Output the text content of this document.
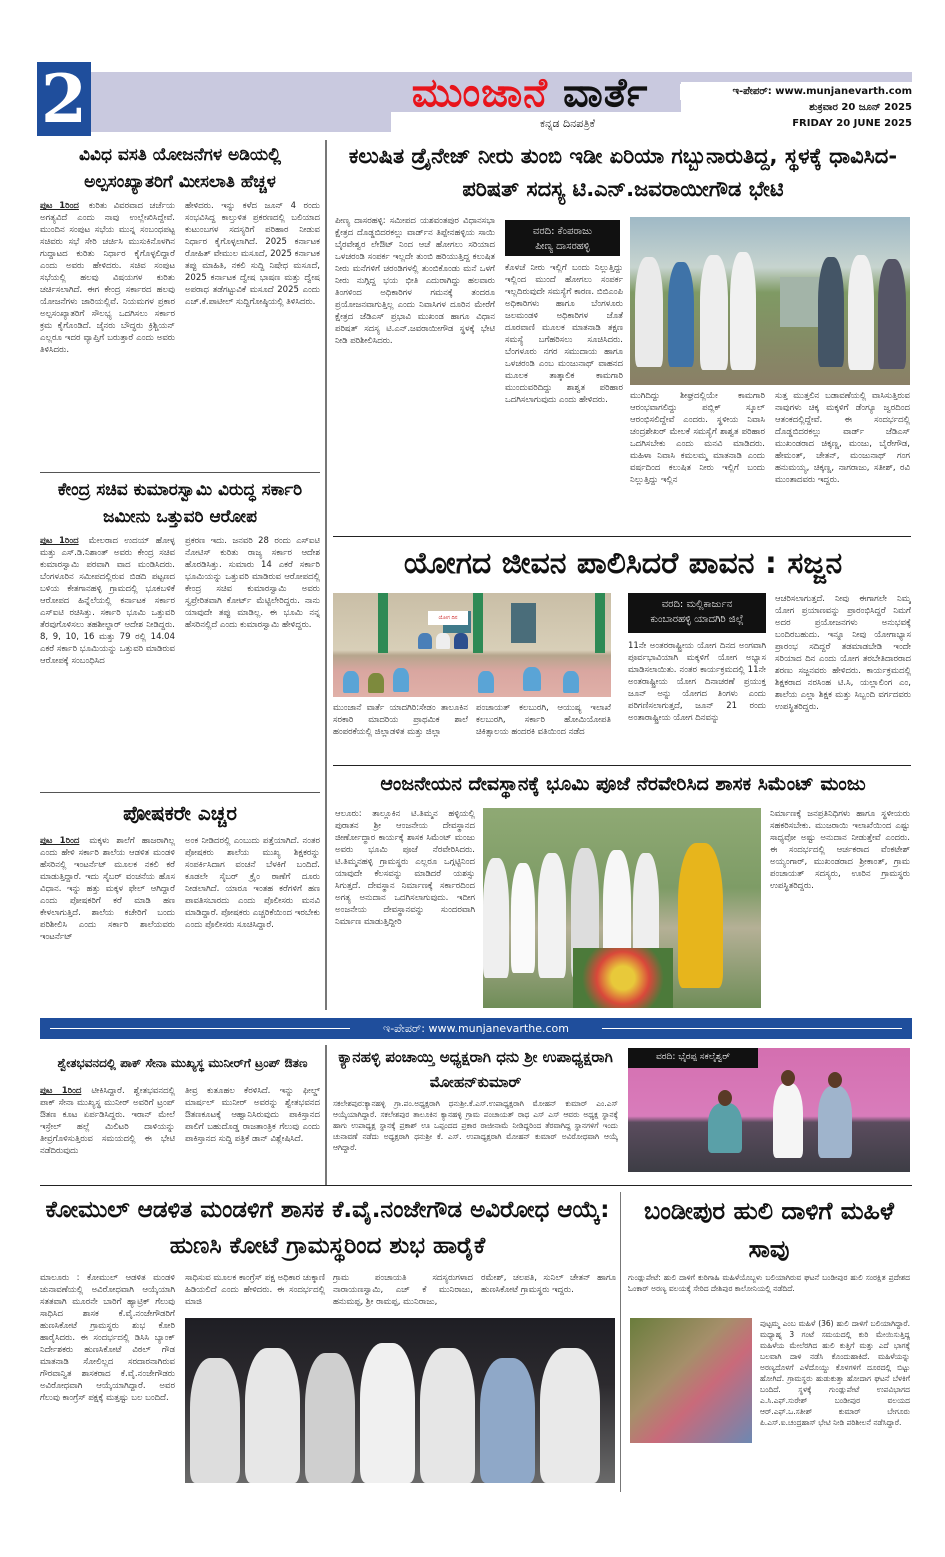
2	ಮುಂಜಾನೆ ವಾರ್ತೆ
ಕನ್ನಡ ದಿನಪತ್ರಿಕೆ
ಇ-ಪೇಪರ್: www.munjanevarth.com
ಶುಕ್ರವಾರ 20 ಜೂನ್ 2025
FRIDAY 20 JUNE 2025
ವಿವಿಧ ವಸತಿ ಯೋಜನೆಗಳ ಅಡಿಯಲ್ಲಿ ಅಲ್ಪಸಂಖ್ಯಾತರಿಗೆ ಮೀಸಲಾತಿ ಹೆಚ್ಚಳ
ಪುಟ 1ರಿಂದ ಕುರಿತು ವಿವರವಾದ ಚರ್ಚೆಯ ಅಗತ್ಯವಿದೆ ಎಂದು ನಾವು ಉಲ್ಲೇಖಿಸಿದ್ದೇವೆ. ಮುಂದಿನ ಸಂಪುಟ ಸಭೆಯ ಮುನ್ನ ಸಂಬಂಧಪಟ್ಟ ಸಚಿವರು ಸಭೆ ಸೇರಿ ಚರ್ಚಿಸಿ ಮುಸುಕಿನೊಳಗಿನ ಗುದ್ದಾಟದ ಕುರಿತು ನಿರ್ಧಾರ ಕೈಗೊಳ್ಳಲಿದ್ದಾರೆ ಎಂದು ಅವರು ಹೇಳಿದರು. ಸಚಿವ ಸಂಪುಟ ಸಭೆಯಲ್ಲಿ ಹಲವು ವಿಷಯಗಳ ಕುರಿತು ಚರ್ಚಿಸಲಾಗಿದೆ. ಈಗ ಕೇಂದ್ರ ಸರ್ಕಾರದ ಹಲವು ಯೋಜನೆಗಳು ಜಾರಿಯಲ್ಲಿವೆ. ನಿಯಮಗಳ ಪ್ರಕಾರ ಅಲ್ಪಸಂಖ್ಯಾತರಿಗೆ ಸೌಲಭ್ಯ ಒದಗಿಸಲು ಸರ್ಕಾರ ಕ್ರಮ ಕೈಗೊಂಡಿದೆ. ಜೈನರು ಬೌದ್ಧರು ಕ್ರಿಶ್ಚಿಯನ್ ಎಲ್ಲರೂ ಇದರ ವ್ಯಾಪ್ತಿಗೆ ಬರುತ್ತಾರೆ ಎಂದು ಅವರು ತಿಳಿಸಿದರು.
ಹೇಳಿದರು. ಇನ್ನು ಕಳೆದ ಜೂನ್ 4 ರಂದು ಸಂಭವಿಸಿದ್ದ ಕಾಲ್ತುಳಿತ ಪ್ರಕರಣದಲ್ಲಿ ಬಲಿಯಾದ ಕುಟುಂಬಗಳ ಸದಸ್ಯರಿಗೆ ಪರಿಹಾರ ನೀಡುವ ನಿರ್ಧಾರ ಕೈಗೊಳ್ಳಲಾಗಿದೆ. 2025 ಕರ್ನಾಟಕ ರೋಹಿತ್ ವೇಮುಲ ಮಸೂದೆ, 2025 ಕರ್ನಾಟಕ ತಪ್ಪು ಮಾಹಿತಿ, ನಕಲಿ ಸುದ್ದಿ ನಿಷೇಧ ಮಸೂದೆ, 2025 ಕರ್ನಾಟಕ ದ್ವೇಷ ಭಾಷಣ ಮತ್ತು ದ್ವೇಷ ಅಪರಾಧ ತಡೆಗಟ್ಟುವಿಕೆ ಮಸೂದೆ 2025 ಎಂದು ಎಚ್.ಕೆ.ಪಾಟೀಲ್ ಸುದ್ದಿಗೋಷ್ಠಿಯಲ್ಲಿ ತಿಳಿಸಿದರು.
ಕೇಂದ್ರ ಸಚಿವ ಕುಮಾರಸ್ವಾಮಿ ವಿರುದ್ಧ ಸರ್ಕಾರಿ ಜಮೀನು ಒತ್ತುವರಿ ಆರೋಪ
ಪುಟ 1ರಿಂದ ಮೇಲರಾದ ಉದಯ್ ಹೋಳ್ಳ ಮತ್ತು ಎಸ್.ಡಿ.ನಿಶಾಂತ್ ಅವರು ಕೇಂದ್ರ ಸಚಿವ ಕುಮಾರಸ್ವಾಮಿ ಪರವಾಗಿ ವಾದ ಮಂಡಿಸಿದರು. ಬೆಂಗಳೂರಿನ ಸಮೀಪದಲ್ಲಿರುವ ಬಿಡದಿ ಪಟ್ಟಣದ ಬಳಿಯ ಕೇತಗಾನಹಳ್ಳಿ ಗ್ರಾಮದಲ್ಲಿ ಭೂಕಬಳಿಕೆ ಆರೋಪದ ಹಿನ್ನೆಲೆಯಲ್ಲಿ ಕರ್ನಾಟಕ ಸರ್ಕಾರ ಎಸ್‌ಐಟಿ ರಚಿಸಿತ್ತು. ಸರ್ಕಾರಿ ಭೂಮಿ ಒತ್ತುವರಿ ತೆರವುಗೊಳಿಸಲು ತಹಶೀಲ್ದಾರ್ ಆದೇಶ ನೀಡಿದ್ದರು. 8, 9, 10, 16 ಮತ್ತು 79 ರಲ್ಲಿ 14.04 ಎಕರೆ ಸರ್ಕಾರಿ ಭೂಮಿಯನ್ನು ಒತ್ತುವರಿ ಮಾಡಿರುವ ಆರೋಪಕ್ಕೆ ಸಂಬಂಧಿಸಿದ
ಪ್ರಕರಣ ಇದು. ಜನವರಿ 28 ರಂದು ಎಸ್‌ಐಟಿ ನೋಟಿಸ್ ಕುರಿತು ರಾಜ್ಯ ಸರ್ಕಾರ ಆದೇಶ ಹೊರಡಿಸಿತ್ತು. ಸುಮಾರು 14 ಎಕರೆ ಸರ್ಕಾರಿ ಭೂಮಿಯನ್ನು ಒತ್ತುವರಿ ಮಾಡಿರುವ ಆರೋಪದಲ್ಲಿ ಕೇಂದ್ರ ಸಚಿವ ಕುಮಾರಸ್ವಾಮಿ ಅವರು ಸ್ವಪ್ರೇರಿತವಾಗಿ ಕೋರ್ಟ್ ಮೆಟ್ಟಿಲೇರಿದ್ದರು. ನಾನು ಯಾವುದೇ ತಪ್ಪು ಮಾಡಿಲ್ಲ. ಈ ಭೂಮಿ ನನ್ನ ಹೆಸರಿನಲ್ಲಿದೆ ಎಂದು ಕುಮಾರಸ್ವಾಮಿ ಹೇಳಿದ್ದರು.
ಪೋಷಕರೇ ಎಚ್ಚರ
ಪುಟ 1ರಿಂದ ಮಕ್ಕಳು ಶಾಲೆಗೆ ಹಾಜರಾಗಿಲ್ಲ ಎಂದು ಹೇಳಿ ಸರ್ಕಾರಿ ಶಾಲೆಯ ಆಡಳಿತ ಮಂಡಳಿ ಹೆಸರಿನಲ್ಲಿ ಇಂಟರ್ನೆಟ್ ಮೂಲಕ ನಕಲಿ ಕರೆ ಮಾಡುತ್ತಿದ್ದಾರೆ. ಇದು ಸೈಬರ್ ವಂಚನೆಯ ಹೊಸ ವಿಧಾನ. ಇನ್ನು ಹತ್ತು ಮಕ್ಕಳ ಫೇಲ್ ಆಗಿದ್ದಾರೆ ಎಂದು ಪೋಷಕರಿಗೆ ಕರೆ ಮಾಡಿ ಹಣ ಕೇಳಲಾಗುತ್ತಿದೆ. ಶಾಲೆಯ ಕಚೇರಿಗೆ ಬಂದು ಪರಿಶೀಲಿಸಿ ಎಂದು ಸರ್ಕಾರಿ ಶಾಲೆಯವರು ಇಂಟರ್ನೆಟ್
ಅಂಕ ನೀಡಿದರಲ್ಲಿ ಎಂಬುದು ಪತ್ತೆಯಾಗಿದೆ. ನಂತರ ಪೋಷಕರು ಶಾಲೆಯ ಮುಖ್ಯ ಶಿಕ್ಷಕರನ್ನು ಸಂಪರ್ಕಿಸಿದಾಗ ವಂಚನೆ ಬೆಳಕಿಗೆ ಬಂದಿದೆ. ಕೂಡಲೇ ಸೈಬರ್ ಕ್ರೈಂ ಠಾಣೆಗೆ ದೂರು ನೀಡಲಾಗಿದೆ. ಯಾರೂ ಇಂತಹ ಕರೆಗಳಿಗೆ ಹಣ ಪಾವತಿಸಬಾರದು ಎಂದು ಪೊಲೀಸರು ಮನವಿ ಮಾಡಿದ್ದಾರೆ. ಪೋಷಕರು ಎಚ್ಚರಿಕೆಯಿಂದ ಇರಬೇಕು ಎಂದು ಪೊಲೀಸರು ಸೂಚಿಸಿದ್ದಾರೆ.
ಕಲುಷಿತ ಡ್ರೈನೇಜ್ ನೀರು ತುಂಬಿ ಇಡೀ ಏರಿಯಾ ಗಬ್ಬುನಾರುತಿದ್ದ, ಸ್ಥಳಕ್ಕೆ ಧಾವಿಸಿದ-ಪರಿಷತ್ ಸದಸ್ಯ ಟಿ.ಎನ್.ಜವರಾಯೀಗೌಡ ಭೇಟಿ
ಪೀಣ್ಯ ದಾಸರಹಳ್ಳಿ: ಸಮೀಪದ ಯಶವಂತಪುರ ವಿಧಾನಸಭಾ ಕ್ಷೇತ್ರದ ದೊಡ್ಡಬಿದರಕಲ್ಲು ವಾರ್ಡ್‌ನ ತಿಪ್ಪೇನಹಳ್ಳಿಯ ಸಾಯಿ ಬೈರವೇಶ್ವರ ಲೇಔಟ್ ನಿಂದ ಆಚೆ ಹೋಗಲು ಸರಿಯಾದ ಒಳಚರಂಡಿ ಸಂಪರ್ಕ ಇಲ್ಲದೇ ತುಂಬಿ ಹರಿಯುತ್ತಿದ್ದ ಕಲುಷಿತ ನೀರು ಮನೆಗಳಿಗೆ ಚರಂಡಿಗಳಲ್ಲಿ ತುಂಬಿಕೊಂಡು ಮನೆ ಒಳಗೆ ನೀರು ನುಗ್ಗಿದ್ದ ಭಯ ಭೀತಿ ಎದುರಾಗಿದ್ದು ಹಲವಾರು ತಿಂಗಳಿಂದ ಅಧಿಕಾರಿಗಳ ಗಮನಕ್ಕೆ ತಂದರೂ ಪ್ರಯೋಜನವಾಗುತ್ತಿಲ್ಲ ಎಂದು ನಿವಾಸಿಗಳ ದೂರಿನ ಮೇರೆಗೆ ಕ್ಷೇತ್ರದ ಜೆಡಿಎಸ್ ಪ್ರಭಾವಿ ಮುಖಂಡ ಹಾಗೂ ವಿಧಾನ ಪರಿಷತ್ ಸದಸ್ಯ ಟಿ.ಎನ್.ಜವರಾಯೀಗೌಡ ಸ್ಥಳಕ್ಕೆ ಭೇಟಿ ನೀಡಿ ಪರಿಶೀಲಿಸಿದರು.
ವರದಿ: ಕೆಂಪರಾಜು
ಪೀಣ್ಯ ದಾಸರಹಳ್ಳಿ
ಕೊಳಚೆ ನೀರು ಇಲ್ಲಿಗೆ ಬಂದು ನಿಲ್ಲುತ್ತಿದ್ದು ಇಲ್ಲಿಂದ ಮುಂದೆ ಹೋಗಲು ಸಂಪರ್ಕ ಇಲ್ಲದಿರುವುದೇ ಸಮಸ್ಯೆಗೆ ಕಾರಣ. ಬಿಬಿಎಂಪಿ ಅಧಿಕಾರಿಗಳು ಹಾಗೂ ಬೆಂಗಳೂರು ಜಲಮಂಡಳಿ ಅಧಿಕಾರಿಗಳ ಜೊತೆ ದೂರವಾಣಿ ಮೂಲಕ ಮಾತನಾಡಿ ತಕ್ಷಣ ಸಮಸ್ಯೆ ಬಗೆಹರಿಸಲು ಸೂಚಿಸಿದರು. ಬೆಂಗಳೂರು ನಗರ ಸಮುದಾಯ ಹಾಗೂ ಒಳಚರಂಡಿ ಎಂಬ ಮಂಜುನಾಥ್ ವಾಹನದ ಮೂಲಕ ತಾತ್ಕಾಲಿಕ ಕಾಮಗಾರಿ ಮುಂದುವರಿದಿದ್ದು ಶಾಶ್ವತ ಪರಿಹಾರ ಒದಗಿಸಲಾಗುವುದು ಎಂದು ಹೇಳಿದರು.	ಮುಗಿದಿದ್ದು ಶೀಘ್ರದಲ್ಲಿಯೇ ಕಾಮಗಾರಿ ಆರಂಭವಾಗಲಿದ್ದು ಪಬ್ಲಿಕ್ ಸ್ಕೂಲ್ ಆರಂಭಿಸಲಿದ್ದೇವೆ ಎಂದರು. ಸ್ಥಳೀಯ ನಿವಾಸಿ ಚಂದ್ರಶೇಖರ್ ಮೇಲಕೆ ಸಮಸ್ಯೆಗೆ ಶಾಶ್ವತ ಪರಿಹಾರ ಒದಗಿಸಬೇಕು ಎಂದು ಮನವಿ ಮಾಡಿದರು. ಮಹಿಳಾ ನಿವಾಸಿ ಕಮಲಮ್ಮ ಮಾತನಾಡಿ ಎಂದು ವರ್ಷದಿಂದ ಕಲುಷಿತ ನೀರು ಇಲ್ಲಿಗೆ ಬಂದು ನಿಲ್ಲುತ್ತಿದ್ದು ಇಲ್ಲಿನ
ಸುತ್ತ ಮುತ್ತಲಿನ ಬಡಾವಣೆಯಲ್ಲಿ ವಾಸಿಸುತ್ತಿರುವ ನಾವುಗಳು ಚಿಕ್ಕ ಮಕ್ಕಳಿಗೆ ಡೆಂಗ್ಯೂ ಜ್ವರದಿಂದ ಆತಂಕದಲ್ಲಿದ್ದೇವೆ. ಈ ಸಂದರ್ಭದಲ್ಲಿ ದೊಡ್ಡಬಿದರಕಲ್ಲು ವಾರ್ಡ್ ಜೆಡಿಎಸ್ ಮುಖಂಡರಾದ ಚಿಕ್ಕಣ್ಣ, ಮಂಜು, ಬೈರೇಗೌಡ, ಹೇಮಂತ್, ಚೇತನ್, ಮಂಜುನಾಥ್ ಗಂಗ ಹನುಮಯ್ಯ, ಚಿಕ್ಕಣ್ಣ, ನಾಗರಾಜು, ಸತೀಶ್, ರವಿ ಮುಂತಾದವರು ಇದ್ದರು.
ಯೋಗದ ಜೀವನ ಪಾಲಿಸಿದರೆ ಪಾವನ : ಸಜ್ಜನ
ಯೋಗ ದಿನ
ಮುಂಜಾನೆ ವಾರ್ತೆ ಯಾದಗಿರಿ:ಸೇಡಂ ತಾಲೂಕಿನ ಸರಕಾರಿ ಮಾದರಿಯ ಪ್ರಾಥಮಿಕ ಶಾಲೆ ಹಂಪರಕೆಯಲ್ಲಿ ಜಿಲ್ಲಾಡಳಿತ ಮತ್ತು ಜಿಲ್ಲಾ
ಪಂಚಾಯತ್ ಕಲಬುರಗಿ, ಆಯುಷ್ಯ ಇಲಾಖೆ ಕಲಬುರಗಿ, ಸರ್ಕಾರಿ ಹೋಮಿಯೋಪತಿ ಚಿಕಿತ್ಸಾಲಯ ಹಂದರಕಿ ವತಿಯಿಂದ ನಡೆದ
ವರದಿ: ಮಲ್ಲಿಕಾರ್ಜುನ
ಕುಂಬಾರಹಳ್ಳಿ ಯಾದಗಿರಿ ಜಿಲ್ಲೆ
11ನೇ ಅಂತರರಾಷ್ಟ್ರೀಯ ಯೋಗ ದಿನದ ಅಂಗವಾಗಿ ಪೂರ್ವಭಾವಿಯಾಗಿ ಮಕ್ಕಳಿಗೆ ಯೋಗ ಅಭ್ಯಾಸ ಮಾಡಿಸಲಾಯಿತು. ನಂತರ ಕಾರ್ಯಕ್ರಮದಲ್ಲಿ 11ನೇ ಅಂತರಾಷ್ಟ್ರೀಯ ಯೋಗ ದಿನಾಚರಣೆ ಪ್ರಯುಕ್ತ ಜೂನ್ ಅನ್ನು ಯೋಗದ ತಿಂಗಳು ಎಂದು ಪರಿಗಣಿಸಲಾಗುತ್ತದೆ, ಜೂನ್ 21 ರಂದು ಅಂತಾರಾಷ್ಟ್ರೀಯ ಯೋಗ ದಿನವನ್ನು
ಆಚರಿಸಲಾಗುತ್ತದೆ. ನೀವು ಈಗಾಗಲೇ ನಿಮ್ಮ ಯೋಗ ಪ್ರಯಾಣವನ್ನು ಪ್ರಾರಂಭಿಸಿದ್ದರೆ ನಿಮಗೆ ಅದರ ಪ್ರಯೋಜನಗಳು ಅನುಭವಕ್ಕೆ ಬಂದಿರಬಹುದು. ಇನ್ನೂ ನೀವು ಯೋಗಾಭ್ಯಾಸ ಪ್ರಾರಂಭ ಸದಿದ್ದರೆ ತಡಮಾಡಬೇಡಿ ಇಂದೇ ಸರಿಯಾದ ದಿನ ಎಂದು ಯೋಗ ತರಬೇತಿದಾರರಾದ ಶರಣು ಸಜ್ಜನವರು ಹೇಳಿದರು. ಕಾರ್ಯಕ್ರಮದಲ್ಲಿ ಶಿಕ್ಷಕರಾದ ನರಸಿಂಹ ಟಿ.ಸಿ, ಯಲ್ಲಾಲಿಂಗ ಎಂ, ಶಾಲೆಯ ಎಲ್ಲಾ ಶಿಕ್ಷಕ ಮತ್ತು ಸಿಬ್ಬಂದಿ ವರ್ಗದವರು ಉಪಸ್ಥಿತರಿದ್ದರು.
ಆಂಜನೇಯನ ದೇವಸ್ಥಾನಕ್ಕೆ ಭೂಮಿ ಪೂಜೆ ನೆರವೇರಿಸಿದ ಶಾಸಕ ಸಿಮೆಂಟ್ ಮಂಜು
ಆಲೂರು: ತಾಲ್ಲೂಕಿನ ಟಿ.ತಿಮ್ಮನ ಹಳ್ಳಿಯಲ್ಲಿ ಪುರಾತನ ಶ್ರೀ ಆಂಜನೇಯ ದೇವಸ್ಥಾನದ ಜೀರ್ಣೋದ್ಧಾರ ಕಾರ್ಯಕ್ಕೆ ಶಾಸಕ ಸಿಮೆಂಟ್ ಮಂಜು ಅವರು ಭೂಮಿ ಪೂಜೆ ನೆರವೇರಿಸಿದರು. ಟಿ.ತಿಮ್ಮನಹಳ್ಳಿ ಗ್ರಾಮಸ್ಥರು ಎಲ್ಲರೂ ಒಗ್ಗಟ್ಟಿನಿಂದ ಯಾವುದೇ ಕೆಲಸವನ್ನು ಮಾಡಿದರೆ ಯಶಸ್ಸು ಸಿಗುತ್ತದೆ. ದೇವಸ್ಥಾನ ನಿರ್ಮಾಣಕ್ಕೆ ಸರ್ಕಾರದಿಂದ ಅಗತ್ಯ ಅನುದಾನ ಒದಗಿಸಲಾಗುವುದು. ಇದೀಗ ಅಂಜನೇಯ ದೇವಸ್ಥಾನವನ್ನು ಸುಂದರವಾಗಿ ನಿರ್ಮಾಣ ಮಾಡುತ್ತಿದ್ದೀರಿ
ನಿರ್ಮಾಣಕ್ಕೆ ಜನಪ್ರತಿನಿಧಿಗಳು ಹಾಗೂ ಸ್ಥಳೀಯರು ಸಹಕರಿಸಬೇಕು. ಮುಜರಾಯಿ ಇಲಾಖೆಯಿಂದ ಎಷ್ಟು ಸಾಧ್ಯವೋ ಅಷ್ಟು ಅನುದಾನ ನೀಡುತ್ತೇವೆ ಎಂದರು. ಈ ಸಂದರ್ಭದಲ್ಲಿ ಆರ್ಚಕರಾದ ವೆಂಕಟೇಶ್ ಅಯ್ಯಂಗಾರ್, ಮುಖಂಡರಾದ ಶ್ರೀಕಾಂತ್, ಗ್ರಾಮ ಪಂಚಾಯತ್ ಸದಸ್ಯರು, ಊರಿನ ಗ್ರಾಮಸ್ಥರು ಉಪಸ್ಥಿತರಿದ್ದರು.
ಇ-ಪೇಪರ್: www.munjanevarthe.com
ಶ್ವೇತಭವನದಲ್ಲಿ ಪಾಕ್ ಸೇನಾ ಮುಖ್ಯಸ್ಥ ಮುನೀರ್‌ಗೆ ಟ್ರಂಪ್ ಔತಣ
ಪುಟ 1ರಿಂದ ಟೀಕಿಸಿದ್ದಾರೆ. ಶ್ವೇತಭವನದಲ್ಲಿ ಪಾಕ್ ಸೇನಾ ಮುಖ್ಯಸ್ಥ ಮುನೀರ್ ಅವರಿಗೆ ಟ್ರಂಪ್ ಔತಣ ಕೂಟ ಏರ್ಪಡಿಸಿದ್ದರು. ಇರಾನ್ ಮೇಲೆ ಇಸ್ರೇಲ್ ಹಲ್ಲೆ ಮಿಲಿಟರಿ ದಾಳಿಯನ್ನು ತೀವ್ರಗೊಳಿಸುತ್ತಿರುವ ಸಮಯದಲ್ಲಿ ಈ ಭೇಟಿ ನಡೆದಿರುವುದು
ತೀವ್ರ ಕುತೂಹಲ ಕೆರಳಿಸಿದೆ. ಇನ್ನು ಫೀಲ್ಡ್ ಮಾರ್ಷಲ್ ಮುನೀರ್ ಅವರನ್ನು ಶ್ವೇತಭವನದ ಔತಣಕೂಟಕ್ಕೆ ಆಹ್ವಾನಿಸಿರುವುದು ಪಾಕಿಸ್ತಾನದ ಪಾಲಿಗೆ ಬಹುದೊಡ್ಡ ರಾಜತಾಂತ್ರಿಕ ಗೆಲುವು ಎಂದು ಪಾಕಿಸ್ತಾನದ ಸುದ್ದಿ ಪತ್ರಿಕೆ ಡಾನ್ ವಿಶ್ಲೇಷಿಸಿದೆ.
ಕ್ಯಾನಹಳ್ಳಿ ಪಂಚಾಯ್ತಿ ಅಧ್ಯಕ್ಷರಾಗಿ ಧನು ಶ್ರೀ ಉಪಾಧ್ಯಕ್ಷರಾಗಿ ಮೋಹನ್‌ಕುಮಾರ್
ಸಕಲೇಶಪುರ:ಕ್ಯಾನಹಳ್ಳಿ ಗ್ರಾ.ಪಂ.ಅಧ್ಯಕ್ಷರಾಗಿ ಧನುಶ್ರೀ.ಕೆ.ಎಸ್.ಉಪಾಧ್ಯಕ್ಷರಾಗಿ ಮೋಹನ್ ಕುಮಾರ್ ಎಂ.ಎಸ್ ಆಯ್ಕೆಯಾಗಿದ್ದಾರೆ. ಸಕಲೇಶಪುರ ತಾಲೂಕಿನ ಕ್ಯಾನಹಳ್ಳಿ ಗ್ರಾಮ ಪಂಚಾಯತ್ ರಾಧ ಎಸ್ ಎಸ್ ಆವರು ಅಧ್ಯಕ್ಷ ಸ್ಥಾನಕ್ಕೆ ಹಾಗು ಉಪಾಧ್ಯಕ್ಷ ಸ್ಥಾನಕ್ಕೆ ಪ್ರಕಾಶ್ ಊ ಒಪ್ಪಂದದ ಪ್ರಕಾರ ರಾಜೀನಾಮೆ ನೀಡಿದ್ದರಿಂದ ತೆರವಾಗಿದ್ದ ಸ್ಥಾನಗಳಿಗೆ ಇಂದು ಚುನಾವಣೆ ನಡೆದು ಅಧ್ಯಕ್ಷರಾಗಿ ಧನುಶ್ರೀ ಕೆ. ಎಸ್. ಉಪಾಧ್ಯಕ್ಷರಾಗಿ ಮೋಹನ್ ಕುಮಾರ್ ಅವಿರೋಧವಾಗಿ ಆಯ್ಕೆ ಆಗಿದ್ದಾರೆ.
ವರದಿ: ಭೈರಪ್ಪ ಸಕಲೈಶ್ವರ್
ಕೋಮುಲ್ ಆಡಳಿತ ಮಂಡಳಿಗೆ ಶಾಸಕ ಕೆ.ವೈ.ನಂಜೇಗೌಡ ಅವಿರೋಧ ಆಯ್ಕೆ: ಹುಣಸಿ ಕೋಟೆ ಗ್ರಾಮಸ್ಥರಿಂದ ಶುಭ ಹಾರೈಕೆ
ಮಾಲೂರು : ಕೋಮುಲ್ ಆಡಳಿತ ಮಂಡಳಿ ಚುನಾವಣೆಯಲ್ಲಿ ಅವಿರೋಧವಾಗಿ ಆಯ್ಕೆಯಾಗಿ ಸತತವಾಗಿ ಮೂರನೇ ಬಾರಿಗೆ ಹ್ಯಾಟ್ರಿಕ್ ಗೆಲುವು ಸಾಧಿಸಿದ ಶಾಸಕ ಕೆ.ವೈ.ನಂಜೇಗೌಡರಿಗೆ ಹುಣಸಿಕೋಟೆ ಗ್ರಾಮಸ್ಥರು ಶುಭ ಕೋರಿ ಹಾರೈಸಿದರು. ಈ ಸಂದರ್ಭದಲ್ಲಿ ಡಿಸಿಸಿ ಬ್ಯಾಂಕ್ ನಿರ್ದೇಶಕರು ಹುಣಸಿಕೋಟೆ ವಿಠಲ್ ಗೌಡ ಮಾತನಾಡಿ ಸೋಲಿಲ್ಲದ ಸರದಾರನಾಗಿರುವ ಗೌರವಾನ್ವಿತ ಶಾಸಕರಾದ ಕೆ.ವೈ.ನಂಜೇಗೌಡರು ಅವಿರೋಧವಾಗಿ ಆಯ್ಕೆಯಾಗಿದ್ದಾರೆ. ಅವರ ಗೆಲುವು ಕಾಂಗ್ರೆಸ್ ಪಕ್ಷಕ್ಕೆ ಮತ್ತಷ್ಟು ಬಲ ಬಂದಿದೆ.
ಸಾಧಿಸುವ ಮೂಲಕ ಕಾಂಗ್ರೆಸ್ ಪಕ್ಷ ಅಧಿಕಾರ ಚುಕ್ಕಾಣಿ ಹಿಡಿಯಲಿದೆ ಎಂದು ಹೇಳಿದರು. ಈ ಸಂದರ್ಭದಲ್ಲಿ ಮಾಜಿ
ಗ್ರಾಮ ಪಂಚಾಯತಿ ಸದಸ್ಯರುಗಳಾದ ನಾರಾಯಣಸ್ವಾಮಿ, ಎಚ್ ಕೆ ಮುನಿರಾಜು, ಹನುಮಪ್ಪ, ಶ್ರೀ ರಾಮಪ್ಪ, ಮುನಿರಾಜು,
ರಮೇಶ್, ಚಲಪತಿ, ಸುನಿಲ್ ಚೇತನ್ ಹಾಗೂ ಹುಣಸಿಕೋಟೆ ಗ್ರಾಮಸ್ಥರು ಇದ್ದರು.
ಬಂಡೀಪುರ ಹುಲಿ ದಾಳಿಗೆ ಮಹಿಳೆ ಸಾವು
ಗುಂಡ್ಲುಪೇಟೆ: ಹುಲಿ ದಾಳಿಗೆ ಕುರಿಗಾಹಿ ಮಹಿಳೆಯೊಬ್ಬಳು ಬಲಿಯಾಗಿರುವ ಘಟನೆ ಬಂಡೀಪುರ ಹುಲಿ ಸಂರಕ್ಷಿತ ಪ್ರದೇಶದ ಓಂಕಾರ್ ಅರಣ್ಯ ವಲಯಕ್ಕೆ ಸೇರಿದ ದೇಶಿಪುರ ಕಾಲೋನಿಯಲ್ಲಿ ನಡೆದಿದೆ.
ಪುಟ್ಟಮ್ಮ ಎಂಬ ಮಹಿಳೆ (36) ಹುಲಿ ದಾಳಿಗೆ ಬಲಿಯಾಗಿದ್ದಾರೆ. ಮಧ್ಯಾಹ್ನ 3 ಗಂಟೆ ಸಮಯದಲ್ಲಿ ಕುರಿ ಮೇಯಿಸುತ್ತಿದ್ದ ಮಹಿಳೆಯ ಮೇಲೆರಗಿದ ಹುಲಿ ಕುತ್ತಿಗೆ ಮತ್ತು ಎದೆ ಭಾಗಕ್ಕೆ ಬಲವಾಗಿ ದಾಳಿ ನಡೆಸಿ ಕೊಂದುಹಾಕಿದೆ. ಮಹಿಳೆಯನ್ನು ಅರಣ್ಯದೊಳಗೆ ಎಳೆದೊಯ್ದು ಕೊಳಗಳಿಗೆ ದೂರದಲ್ಲಿ ಬಿಟ್ಟು ಹೋಗಿದೆ. ಗ್ರಾಮಸ್ಥರು ಹುಡುಕುತ್ತಾ ಹೋದಾಗ ಘಟನೆ ಬೆಳಕಿಗೆ ಬಂದಿದೆ. ಸ್ಥಳಕ್ಕೆ ಗುಂಡ್ಲುಪೇಟೆ ಉಪವಿಭಾಗದ ಎ.ಸಿ.ಎಫ್.ಸುರೇಶ್ ಬಂಡೀಪುರ ವಲಯದ ಆರ್.ಎಫ್.ಒ.ಸತೀಶ್ ಕುಮಾರ್ ಬೇಗೂರು ಪಿ.ಎಸ್.ಐ.ಚಂದ್ರಹಾಸ್ ಭೇಟಿ ನೀಡಿ ಪರಿಶೀಲನೆ ನಡೆಸಿದ್ದಾರೆ.
